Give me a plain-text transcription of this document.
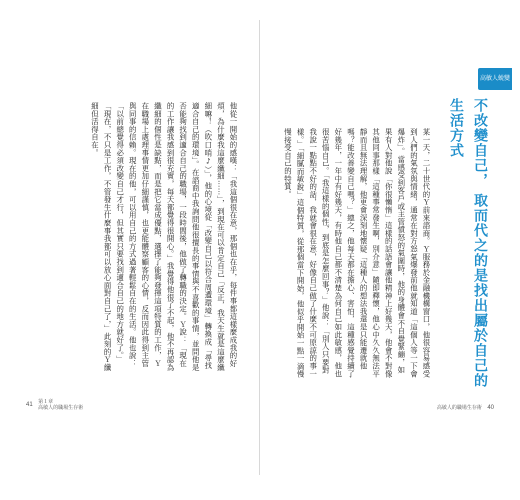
他從一開始的感嘆：「我這個很在意，那個也在乎，每件事都這樣麼成我的好煩，為什麼我這麼纖細……」，到現在可以肯定自己「反正，我天生就是這麼纖細嘛！（吹口哨♪）」，他的心境從「改變自己以符合周遭環境」轉換成「尋找適合自己的環境」。在諮商中我詢問他很擅長的事情與不喜歡的事情，並問他是否能夠找到適合自己的職場，一段時間後，他做了轉職的決定。Ｙ說：「現在的工作讓我感到很充實，每天都覺得很開心。」我覺得他很了不起，他不再認為纖細的個性是缺點，而是把它當成優點，選擇了能夠發揮這項特質的工作，Ｙ在職場上處理事情更加仔細謹慎，也更能體察顧客的心情，反而因此得到主管與同事的信賴。現在的他，可以用自己的方式過著輕鬆自在的生活。他也說：「以前總覺得必須改變自己才行，但其實只要找到適合自己的地方就好了。」「現在，不只是工作，不管發生什麼事我都可以放心面對自己了，」此刻的Ｙ纖細但活得自在。
41 第１章
高敏人的職場生存術
高敏人蜕變實例1
不改變自己， 取而代之的是找出屬於自己的生活方式
某一天，二十世代的Ｙ前來諮商。Ｙ服務於金融機構窗口，他很容易感受到人們的氣氛與情緒，通常在對方怒氣爆發前他就知道「這個人等一下會爆炸」。當感受到客戶或主管憤怒的氣圍時，他的身體會不自覺緊繃，如果有人對他說「你很懶惰」這樣的話語會讓他精神上好幾天，他會不對像其他同事那樣「這種事常發生啊，別介意」隨即釋懷，他心中久久無法平靜而且無法理解，他更會深刻地懷疑「這種人的想法我還是只能遷就他嗎？能改善變自己嗎？」總之，他每天都在擔心、害怕，這種感覺持續了好幾年，一年中有好幾天，有時他自己都不清楚為何自己如此敏感，他也很苦惱自己。「我這樣的個性，到底是怎麼回事？」他說：「別人只要對我說一點點不好的話，我就會很在意，好像自己做了什麼不可原諒的事一樣。」「細膩而敏銳」這個特質，從那個當下開始，他似乎開始一點一滴慢慢接受自己的特質。
高敏人的職場生存術 40
